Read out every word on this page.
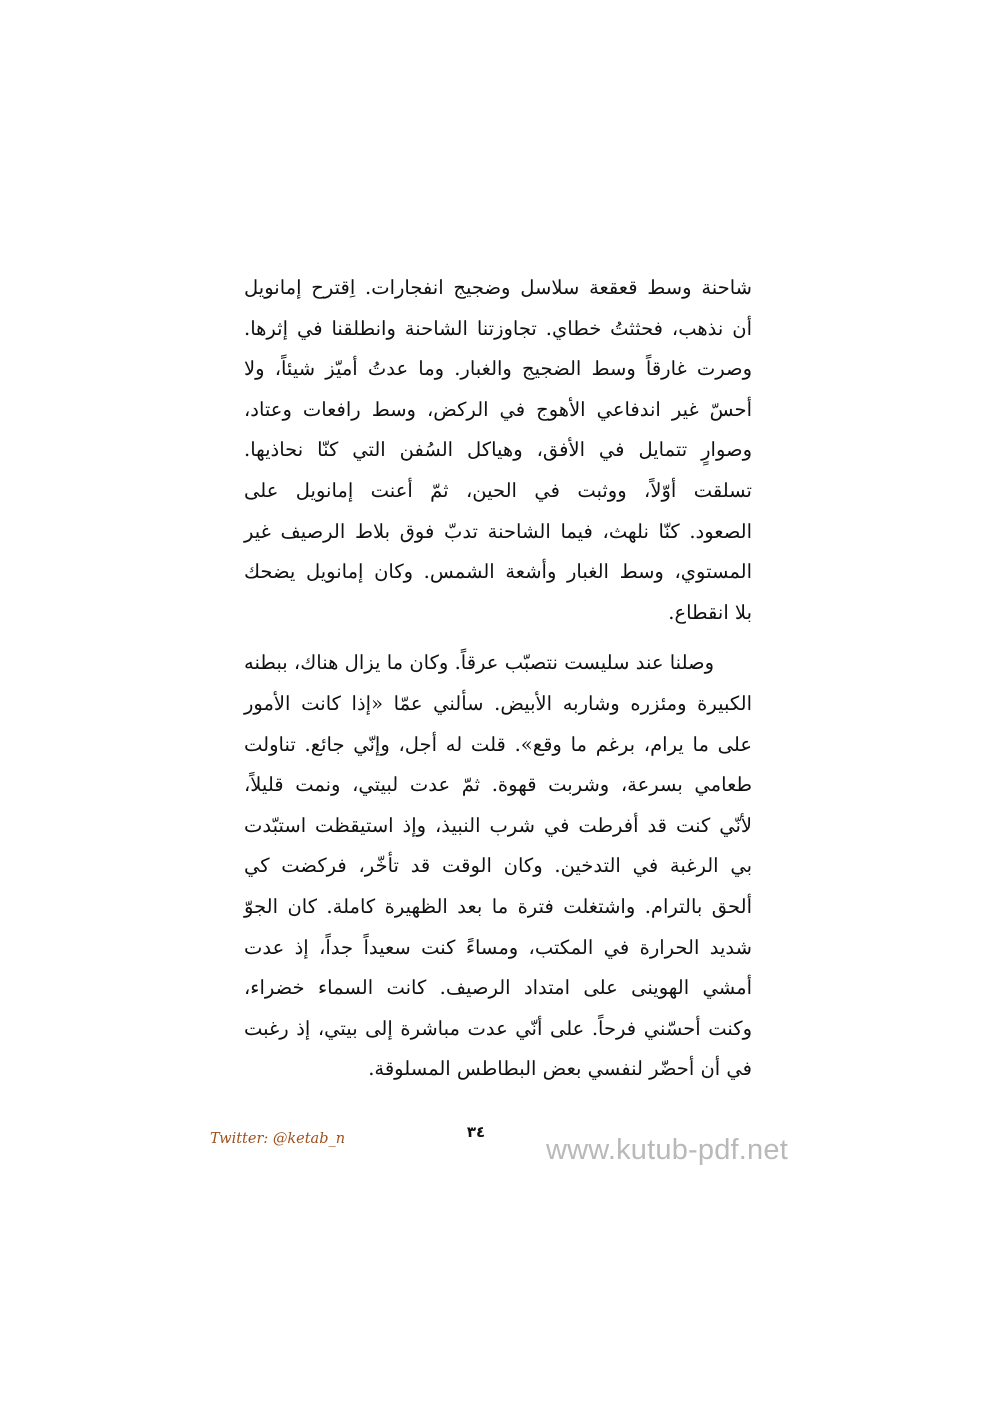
شاحنة وسط قعقعة سلاسل وضجيج انفجارات. اِقترح إمانويل
أن نذهب، فحثثتُ خطاي. تجاوزتنا الشاحنة وانطلقنا في إثرها.
وصرت غارقاً وسط الضجيج والغبار. وما عدتُ أميّز شيئاً، ولا
أحسّ غير اندفاعي الأهوج في الركض، وسط رافعات وعتاد،
وصوارٍ تتمايل في الأفق، وهياكل السُفن التي كنّا نحاذيها.
تسلقت أوّلاً، ووثبت في الحين، ثمّ أعنت إمانويل على
الصعود. كنّا نلهث، فيما الشاحنة تدبّ فوق بلاط الرصيف غير
المستوي، وسط الغبار وأشعة الشمس. وكان إمانويل يضحك
بلا انقطاع.
وصلنا عند سليست نتصبّب عرقاً. وكان ما يزال هناك، ببطنه
الكبيرة ومئزره وشاربه الأبيض. سألني عمّا «إذا كانت الأمور
على ما يرام، برغم ما وقع». قلت له أجل، وإنّي جائع. تناولت
طعامي بسرعة، وشربت قهوة. ثمّ عدت لبيتي، ونمت قليلاً،
لأنّي كنت قد أفرطت في شرب النبيذ، وإذ استيقظت استبّدت
بي الرغبة في التدخين. وكان الوقت قد تأخّر، فركضت كي
ألحق بالترام. واشتغلت فترة ما بعد الظهيرة كاملة. كان الجوّ
شديد الحرارة في المكتب، ومساءً كنت سعيداً جداً، إذ عدت
أمشي الهوينى على امتداد الرصيف. كانت السماء خضراء،
وكنت أحسّني فرحاً. على أنّي عدت مباشرة إلى بيتي، إذ رغبت
في أن أحضّر لنفسي بعض البطاطس المسلوقة.
Twitter: @ketab_n	٣٤
www.kutub-pdf.net
